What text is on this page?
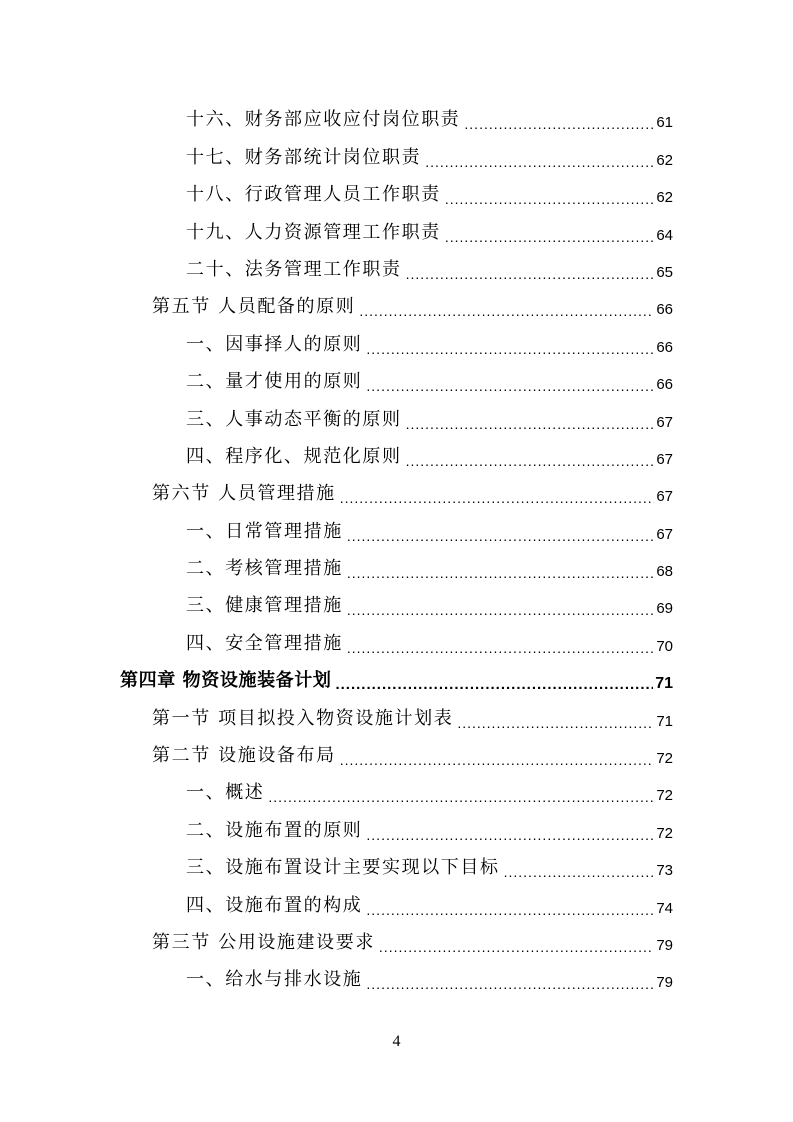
十六、财务部应收应付岗位职责 .....	61
十七、财务部统计岗位职责 .....	62
十八、行政管理人员工作职责 .....	62
十九、人力资源管理工作职责 .....	64
二十、法务管理工作职责 .....	65
第五节 人员配备的原则 .....	66
一、因事择人的原则 .....	66
二、量才使用的原则 .....	66
三、人事动态平衡的原则 .....	67
四、程序化、规范化原则 .....	67
第六节 人员管理措施 .....	67
一、日常管理措施 .....	67
二、考核管理措施 .....	68
三、健康管理措施 .....	69
四、安全管理措施 .....	70
第四章 物资设施装备计划 .....	71
第一节 项目拟投入物资设施计划表 .....	71
第二节 设施设备布局 .....	72
一、概述 .....	72
二、设施布置的原则 .....	72
三、设施布置设计主要实现以下目标 .....	73
四、设施布置的构成 .....	74
第三节 公用设施建设要求 .....	79
一、给水与排水设施 .....	79
4
